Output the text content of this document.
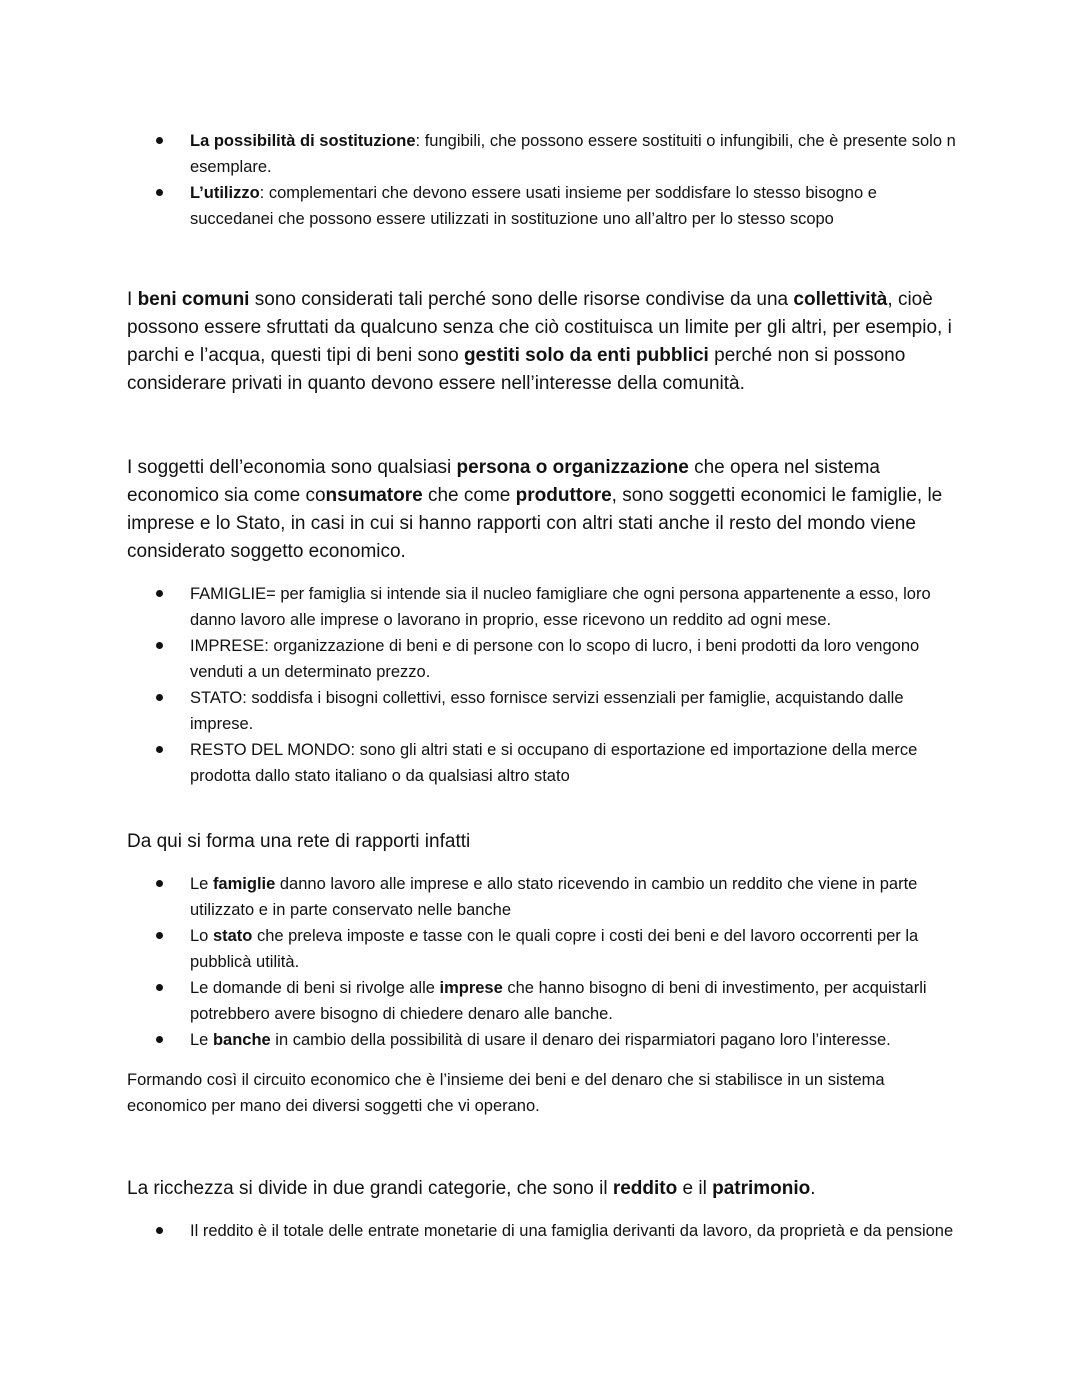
La possibilità di sostituzione: fungibili, che possono essere sostituiti o infungibili, che è presente solo n esemplare.
L’utilizzo: complementari che devono essere usati insieme per soddisfare lo stesso bisogno e succedanei che possono essere utilizzati in sostituzione uno all’altro per lo stesso scopo

I beni comuni sono considerati tali perché sono delle risorse condivise da una collettività, cioè possono essere sfruttati da qualcuno senza che ciò costituisca un limite per gli altri, per esempio, i parchi e l’acqua, questi tipi di beni sono gestiti solo da enti pubblici perché non si possono considerare privati in quanto devono essere nell’interesse della comunità.

I soggetti dell’economia sono qualsiasi persona o organizzazione che opera nel sistema economico sia come consumatore che come produttore, sono soggetti economici le famiglie, le imprese e lo Stato, in casi in cui si hanno rapporti con altri stati anche il resto del mondo viene considerato soggetto economico.

FAMIGLIE= per famiglia si intende sia il nucleo famigliare che ogni persona appartenente a esso, loro danno lavoro alle imprese o lavorano in proprio, esse ricevono un reddito ad ogni mese.
IMPRESE: organizzazione di beni e di persone con lo scopo di lucro, i beni prodotti da loro vengono venduti a un determinato prezzo.
STATO: soddisfa i bisogni collettivi, esso fornisce servizi essenziali per famiglie, acquistando dalle imprese.
RESTO DEL MONDO: sono gli altri stati e si occupano di esportazione ed importazione della merce prodotta dallo stato italiano o da qualsiasi altro stato

Da qui si forma una rete di rapporti infatti

Le famiglie danno lavoro alle imprese e allo stato ricevendo in cambio un reddito che viene in parte utilizzato e in parte conservato nelle banche
Lo stato che preleva imposte e tasse con le quali copre i costi dei beni e del lavoro occorrenti per la pubblicà utilità.
Le domande di beni si rivolge alle imprese che hanno bisogno di beni di investimento, per acquistarli potrebbero avere bisogno di chiedere denaro alle banche.
Le banche in cambio della possibilità di usare il denaro dei risparmiatori pagano loro l’interesse.

Formando così il circuito economico che è l’insieme dei beni e del denaro che si stabilisce in un sistema economico per mano dei diversi soggetti che vi operano.

La ricchezza si divide in due grandi categorie, che sono il reddito e il patrimonio.

Il reddito è il totale delle entrate monetarie di una famiglia derivanti da lavoro, da proprietà e da pensione
